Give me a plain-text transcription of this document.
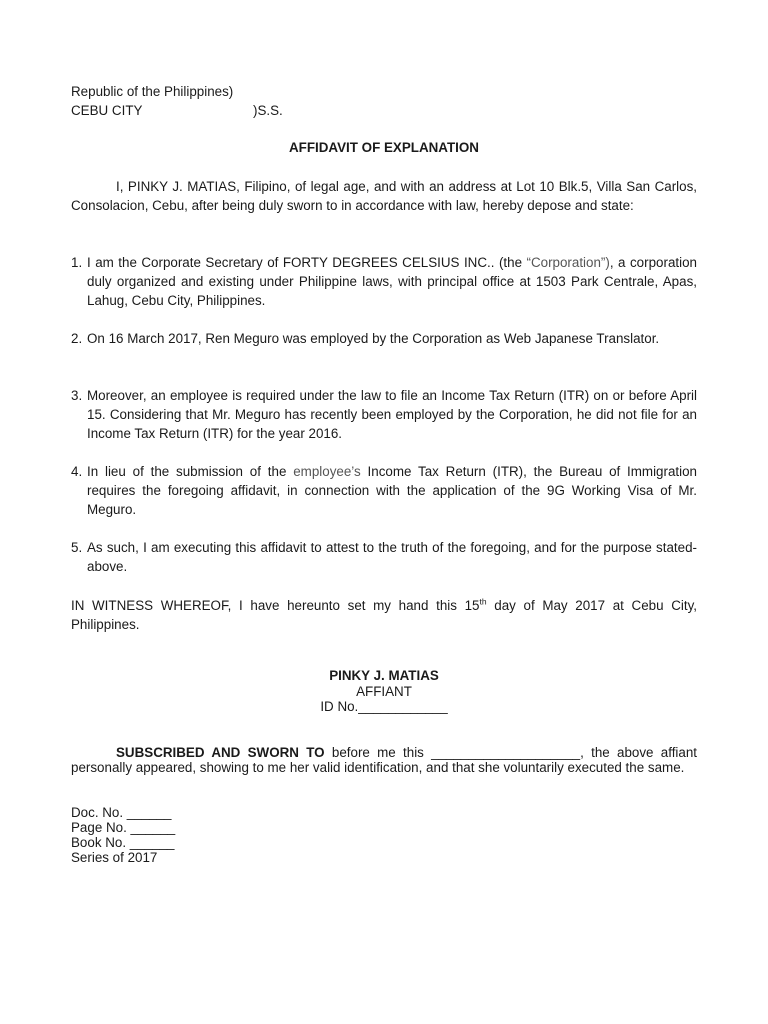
Republic of the Philippines)
CEBU CITY	)S.S.
AFFIDAVIT OF EXPLANATION
I, PINKY J. MATIAS, Filipino, of legal age, and with an address at Lot 10 Blk.5, Villa San Carlos, Consolacion, Cebu, after being duly sworn to in accordance with law, hereby depose and state:
1. I am the Corporate Secretary of FORTY DEGREES CELSIUS INC.. (the “Corporation”), a corporation duly organized and existing under Philippine laws, with principal office at 1503 Park Centrale, Apas, Lahug, Cebu City, Philippines.
2. On 16 March 2017, Ren Meguro was employed by the Corporation as Web Japanese Translator.
3. Moreover, an employee is required under the law to file an Income Tax Return (ITR) on or before April 15. Considering that Mr. Meguro has recently been employed by the Corporation, he did not file for an Income Tax Return (ITR) for the year 2016.
4. In lieu of the submission of the employee’s Income Tax Return (ITR), the Bureau of Immigration requires the foregoing affidavit, in connection with the application of the 9G Working Visa of Mr. Meguro.
5. As such, I am executing this affidavit to attest to the truth of the foregoing, and for the purpose stated-above.
IN WITNESS WHEREOF, I have hereunto set my hand this 15th day of May 2017 at Cebu City, Philippines.
PINKY J. MATIAS
AFFIANT
ID No.____________
SUBSCRIBED AND SWORN TO before me this ____________________, the above affiant personally appeared, showing to me her valid identification, and that she voluntarily executed the same.
Doc. No. ______
Page No. ______
Book No. ______
Series of 2017
